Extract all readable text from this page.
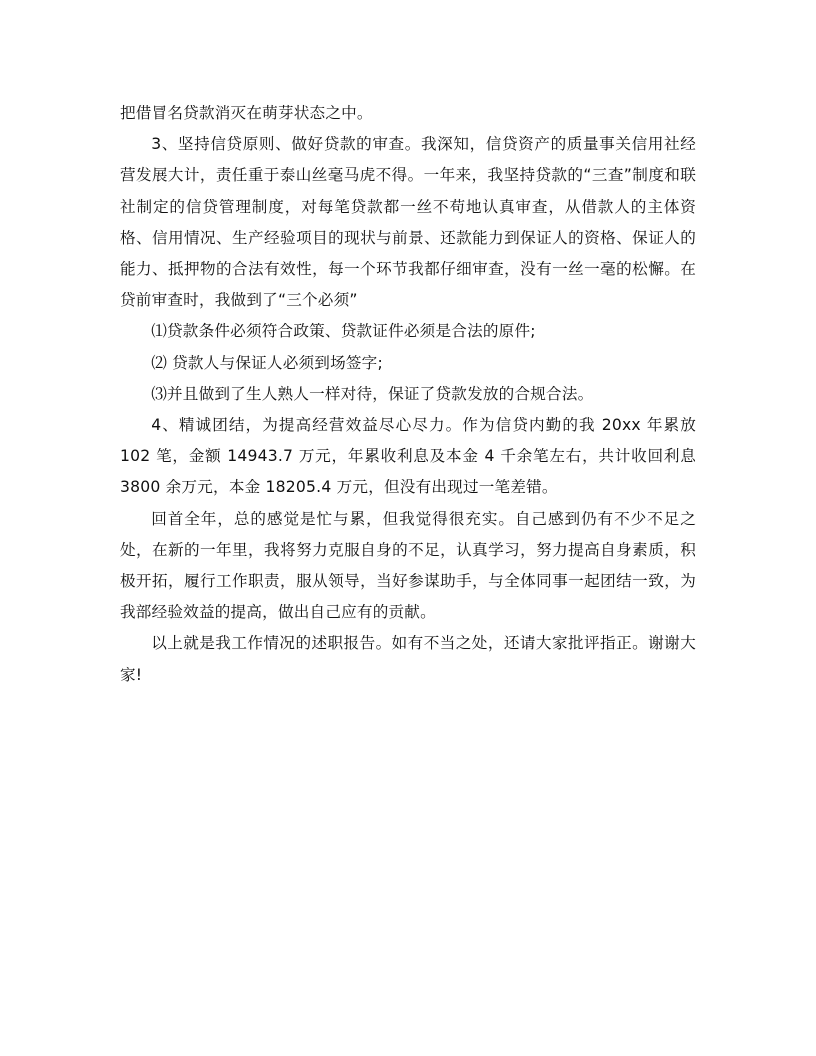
把借冒名贷款消灭在萌芽状态之中。

3、坚持信贷原则、做好贷款的审查。我深知，信贷资产的质量事关信用社经营发展大计，责任重于泰山丝毫马虎不得。一年来，我坚持贷款的“三查”制度和联社制定的信贷管理制度，对每笔贷款都一丝不苟地认真审查，从借款人的主体资格、信用情况、生产经验项目的现状与前景、还款能力到保证人的资格、保证人的能力、抵押物的合法有效性，每一个环节我都仔细审查，没有一丝一毫的松懈。在贷前审查时，我做到了“三个必须”

⑴贷款条件必须符合政策、贷款证件必须是合法的原件;

⑵ 贷款人与保证人必须到场签字;

⑶并且做到了生人熟人一样对待，保证了贷款发放的合规合法。

4、精诚团结，为提高经营效益尽心尽力。作为信贷内勤的我 20xx 年累放 102 笔，金额 14943.7 万元，年累收利息及本金 4 千余笔左右，共计收回利息 3800 余万元，本金 18205.4 万元，但没有出现过一笔差错。

回首全年，总的感觉是忙与累，但我觉得很充实。自己感到仍有不少不足之处，在新的一年里，我将努力克服自身的不足，认真学习，努力提高自身素质，积极开拓，履行工作职责，服从领导，当好参谋助手，与全体同事一起团结一致，为我部经验效益的提高，做出自己应有的贡献。

以上就是我工作情况的述职报告。如有不当之处，还请大家批评指正。谢谢大家!
